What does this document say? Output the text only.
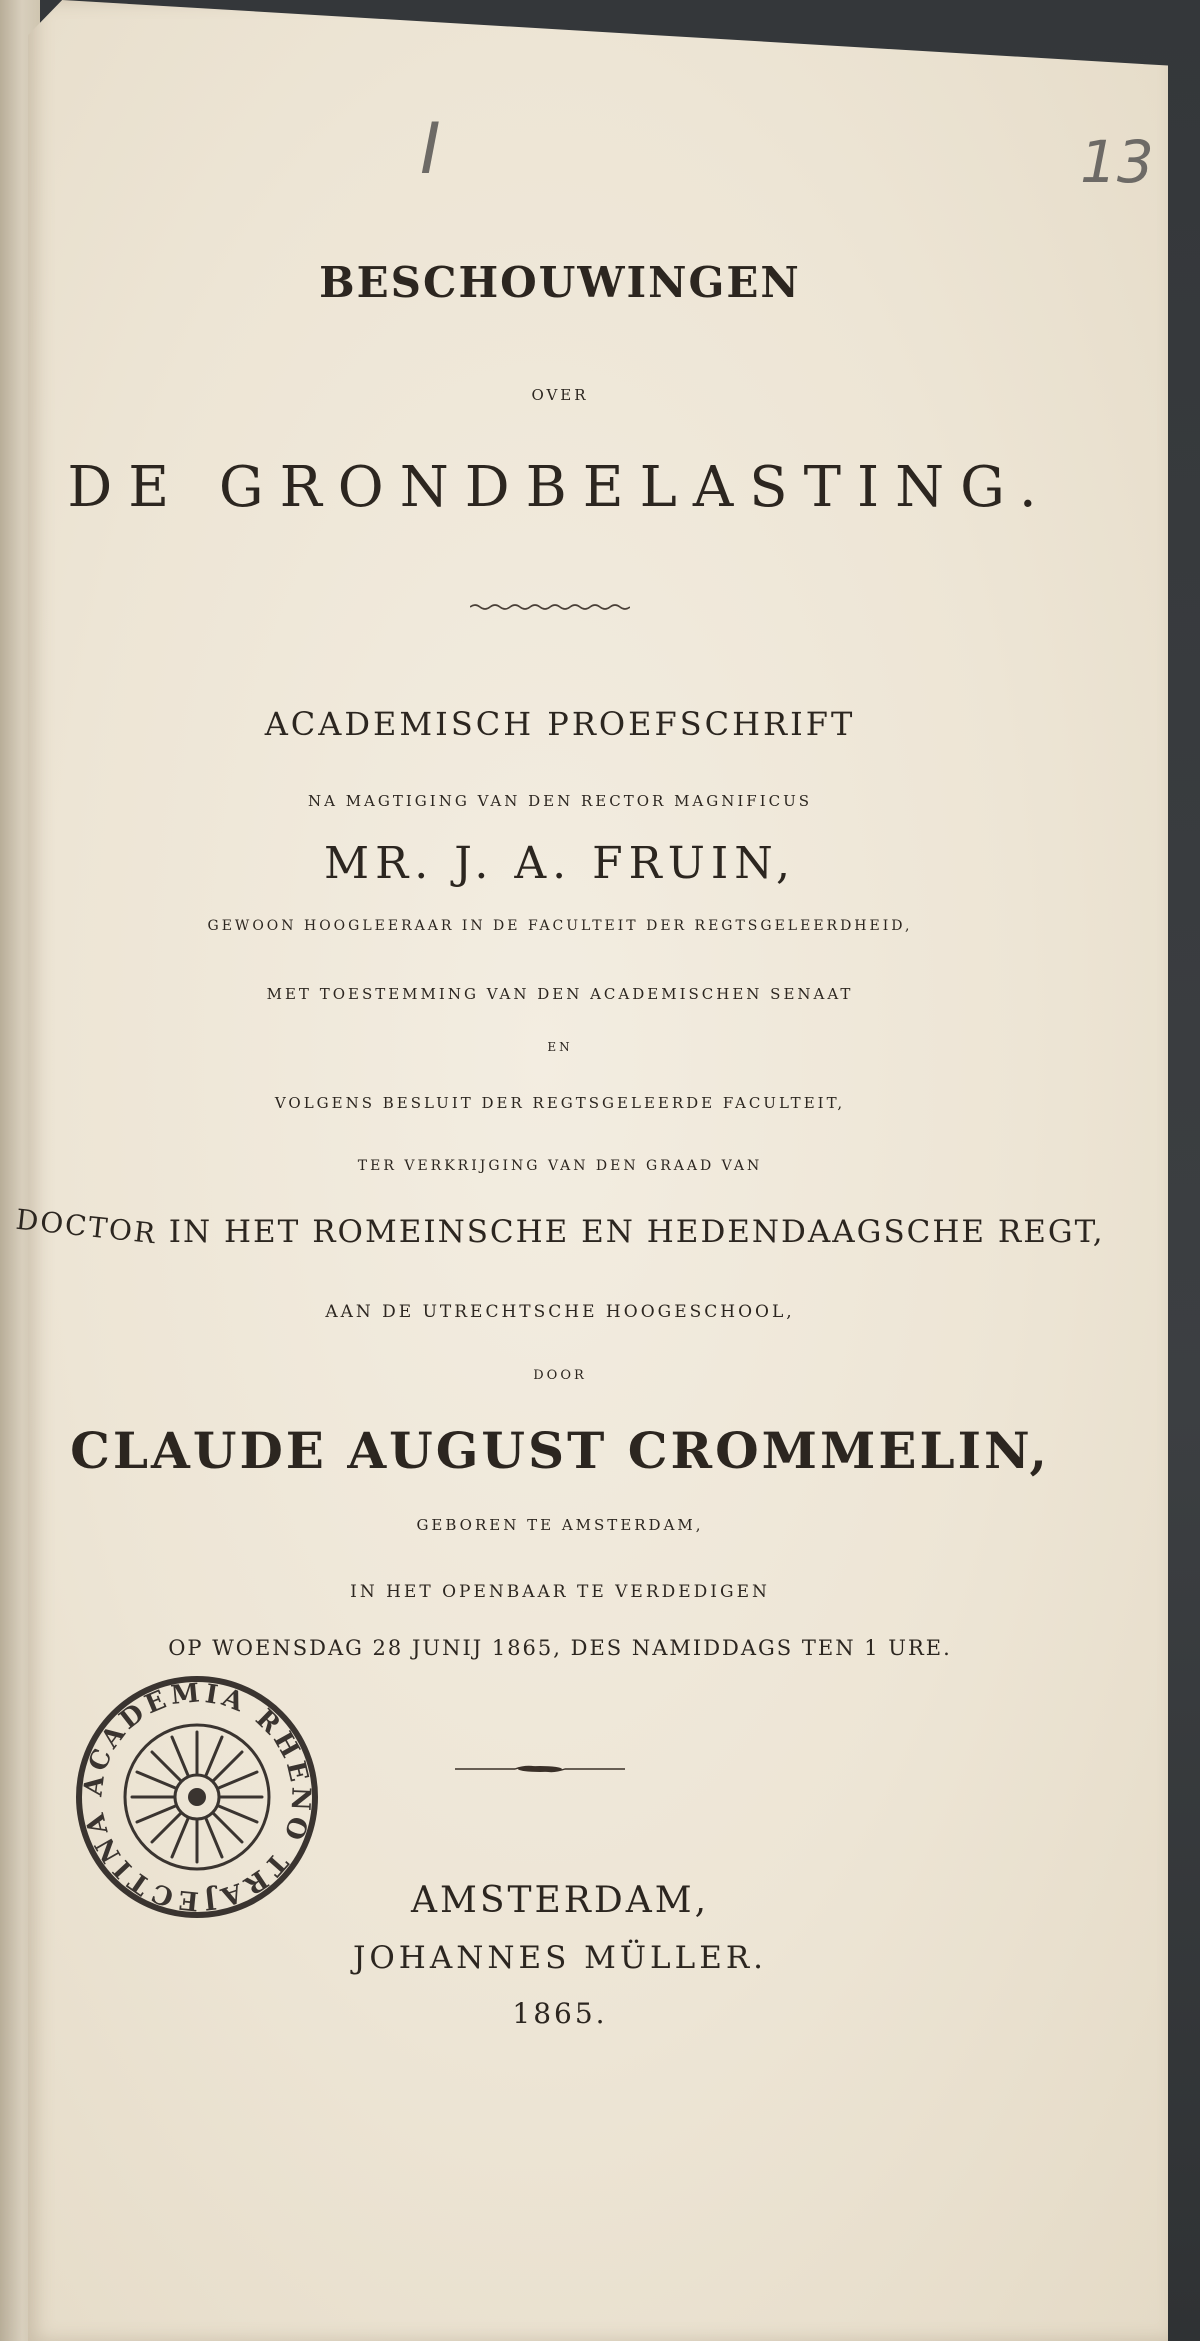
I	13

BESCHOUWINGEN

OVER

DE GRONDBELASTING.

ACADEMISCH PROEFSCHRIFT

NA MAGTIGING VAN DEN RECTOR MAGNIFICUS

MR. J. A. FRUIN,

GEWOON HOOGLEERAAR IN DE FACULTEIT DER REGTSGELEERDHEID,

MET TOESTEMMING VAN DEN ACADEMISCHEN SENAAT

EN

VOLGENS BESLUIT DER REGTSGELEERDE FACULTEIT,

TER VERKRIJGING VAN DEN GRAAD VAN

DOCTOR IN HET ROMEINSCHE EN HEDENDAAGSCHE REGT,

AAN DE UTRECHTSCHE HOOGESCHOOL,

DOOR

CLAUDE AUGUST CROMMELIN,

GEBOREN TE AMSTERDAM,

IN HET OPENBAAR TE VERDEDIGEN

OP WOENSDAG 28 JUNIJ 1865, DES NAMIDDAGS TEN 1 URE.

ACADEMIA RHENO TRAJECTINA

AMSTERDAM,

JOHANNES MÜLLER.

1865.
